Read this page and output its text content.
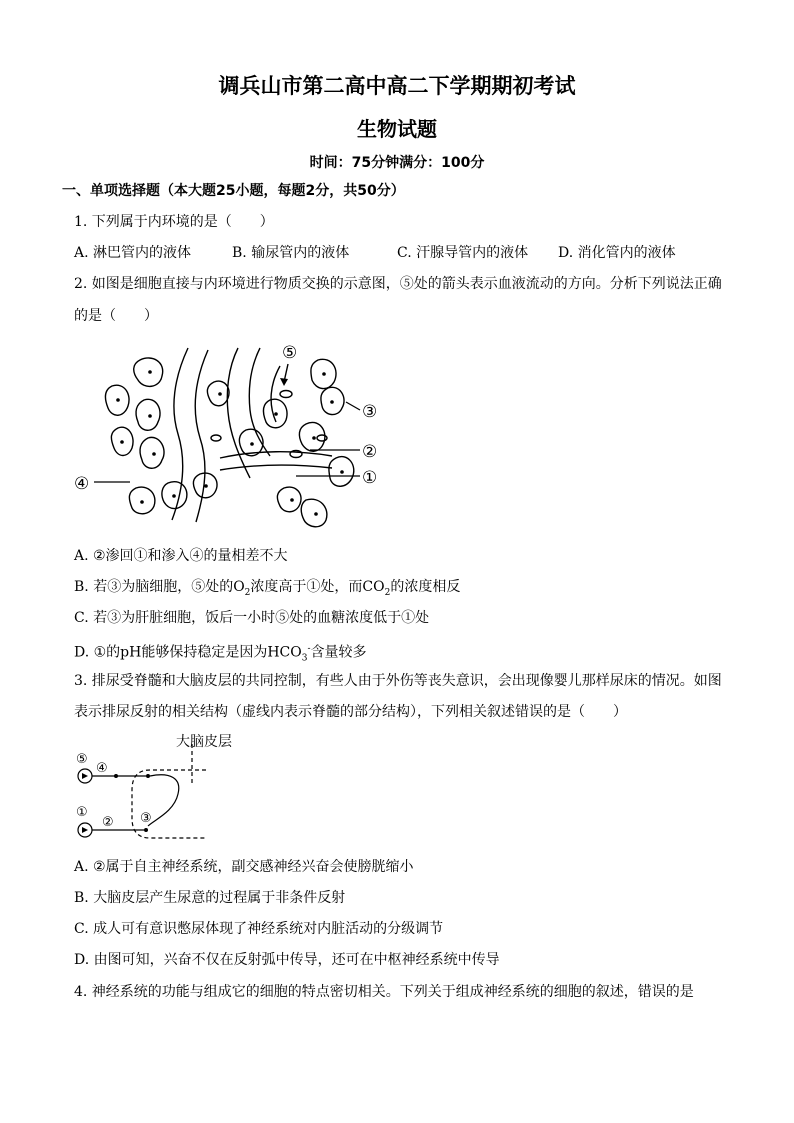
调兵山市第二高中高二下学期期初考试
生物试题
时间：75分钟满分：100分
一、单项选择题（本大题25小题，每题2分，共50分）
1. 下列属于内环境的是（　　）
A. 淋巴管内的液体	B. 输尿管内的液体	C. 汗腺导管内的液体 D. 消化管内的液体
2. 如图是细胞直接与内环境进行物质交换的示意图，⑤处的箭头表示血液流动的方向。分析下列说法正确
的是（　　）
⑤
③
②
④	①
A. ②渗回①和渗入④的量相差不大
B. 若③为脑细胞，⑤处的$O_2$浓度高于①处，而$CO_2$的浓度相反
C. 若③为肝脏细胞，饭后一小时⑤处的血糖浓度低于①处
D. ①的pH能够保持稳定是因为$HCO_3^-$含量较多
3. 排尿受脊髓和大脑皮层的共同控制，有些人由于外伤等丧失意识，会出现像婴儿那样尿床的情况。如图
表示排尿反射的相关结构（虚线内表示脊髓的部分结构），下列相关叙述错误的是（　　）
大脑皮层
⑤
④
①
② ③
A. ②属于自主神经系统，副交感神经兴奋会使膀胱缩小
B. 大脑皮层产生尿意的过程属于非条件反射
C. 成人可有意识憋尿体现了神经系统对内脏活动的分级调节
D. 由图可知，兴奋不仅在反射弧中传导，还可在中枢神经系统中传导
4. 神经系统的功能与组成它的细胞的特点密切相关。下列关于组成神经系统的细胞的叙述，错误的是
